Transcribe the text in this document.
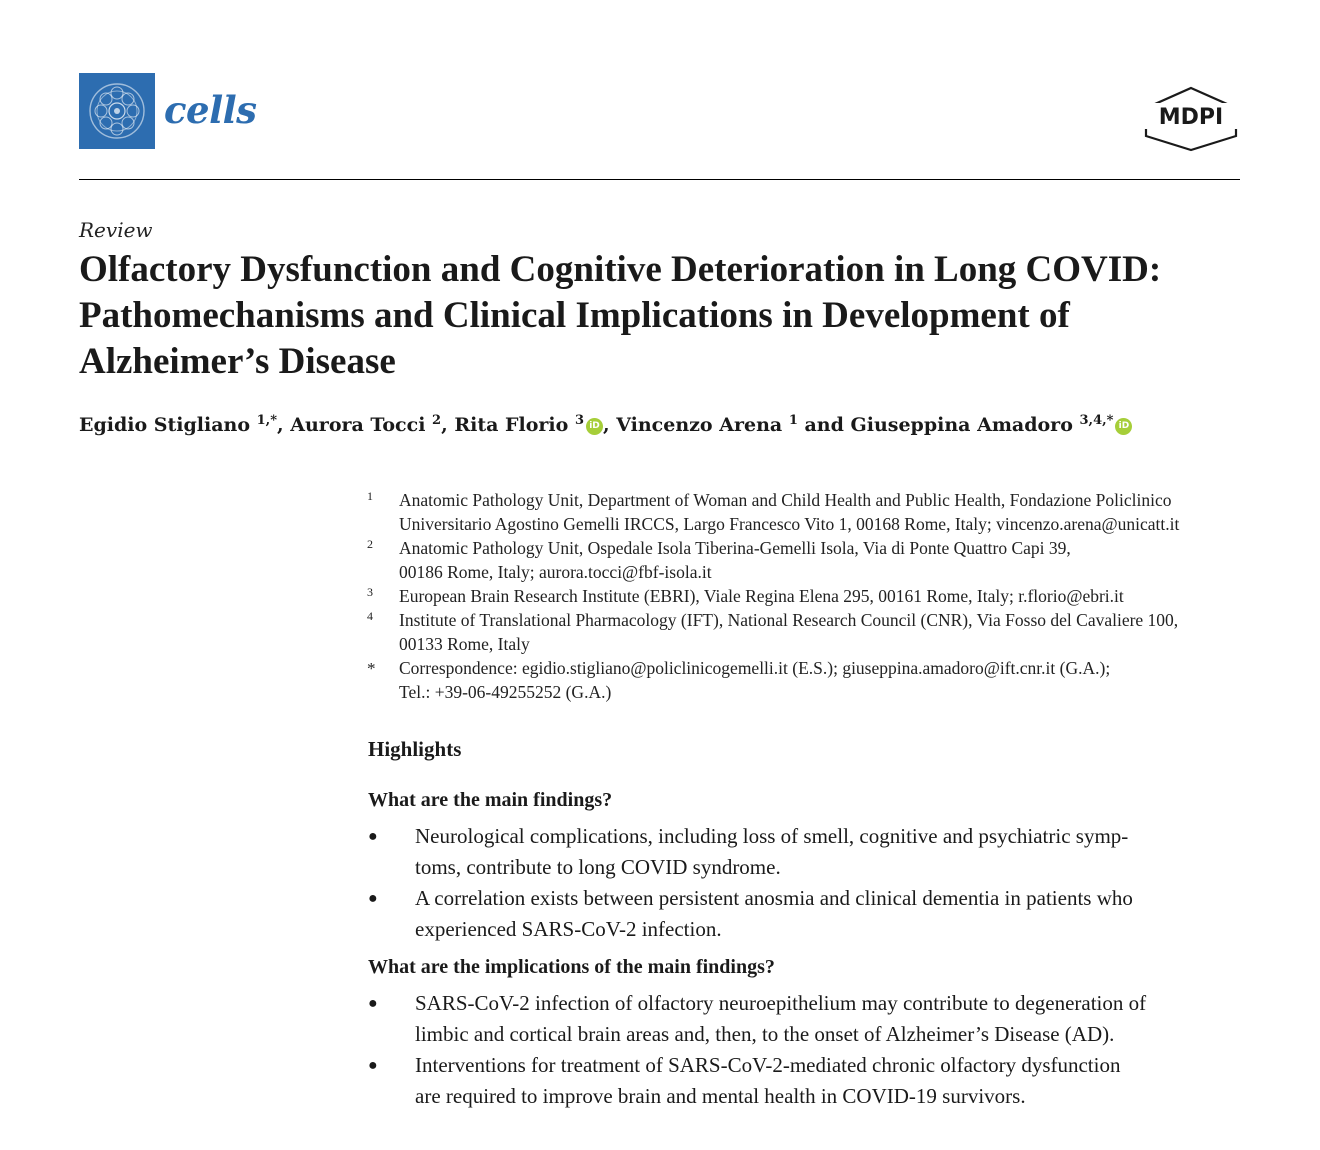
cells	MDPI
Review
Olfactory Dysfunction and Cognitive Deterioration in Long COVID: Pathomechanisms and Clinical Implications in Development of Alzheimer’s Disease
Egidio Stigliano $^{1,*}$, Aurora Tocci $^2$, Rita Florio $^3$ iD , Vincenzo Arena $^1$ and Giuseppina Amadoro $^{3,4,*}$ iD
1 Anatomic Pathology Unit, Department of Woman and Child Health and Public Health, Fondazione Policlinico
Universitario Agostino Gemelli IRCCS, Largo Francesco Vito 1, 00168 Rome, Italy; vincenzo.arena@unicatt.it
2 Anatomic Pathology Unit, Ospedale Isola Tiberina-Gemelli Isola, Via di Ponte Quattro Capi 39,
00186 Rome, Italy; aurora.tocci@fbf-isola.it
3 European Brain Research Institute (EBRI), Viale Regina Elena 295, 00161 Rome, Italy; r.florio@ebri.it
4 Institute of Translational Pharmacology (IFT), National Research Council (CNR), Via Fosso del Cavaliere 100,
00133 Rome, Italy
* Correspondence: egidio.stigliano@policlinicogemelli.it (E.S.); giuseppina.amadoro@ift.cnr.it (G.A.);
Tel.: +39-06-49255252 (G.A.)
Highlights
What are the main findings?
● Neurological complications, including loss of smell, cognitive and psychiatric symp-
toms, contribute to long COVID syndrome.
● A correlation exists between persistent anosmia and clinical dementia in patients who
experienced SARS-CoV-2 infection.
What are the implications of the main findings?
● SARS-CoV-2 infection of olfactory neuroepithelium may contribute to degeneration of
limbic and cortical brain areas and, then, to the onset of Alzheimer’s Disease (AD).
● Interventions for treatment of SARS-CoV-2-mediated chronic olfactory dysfunction
are required to improve brain and mental health in COVID-19 survivors.
